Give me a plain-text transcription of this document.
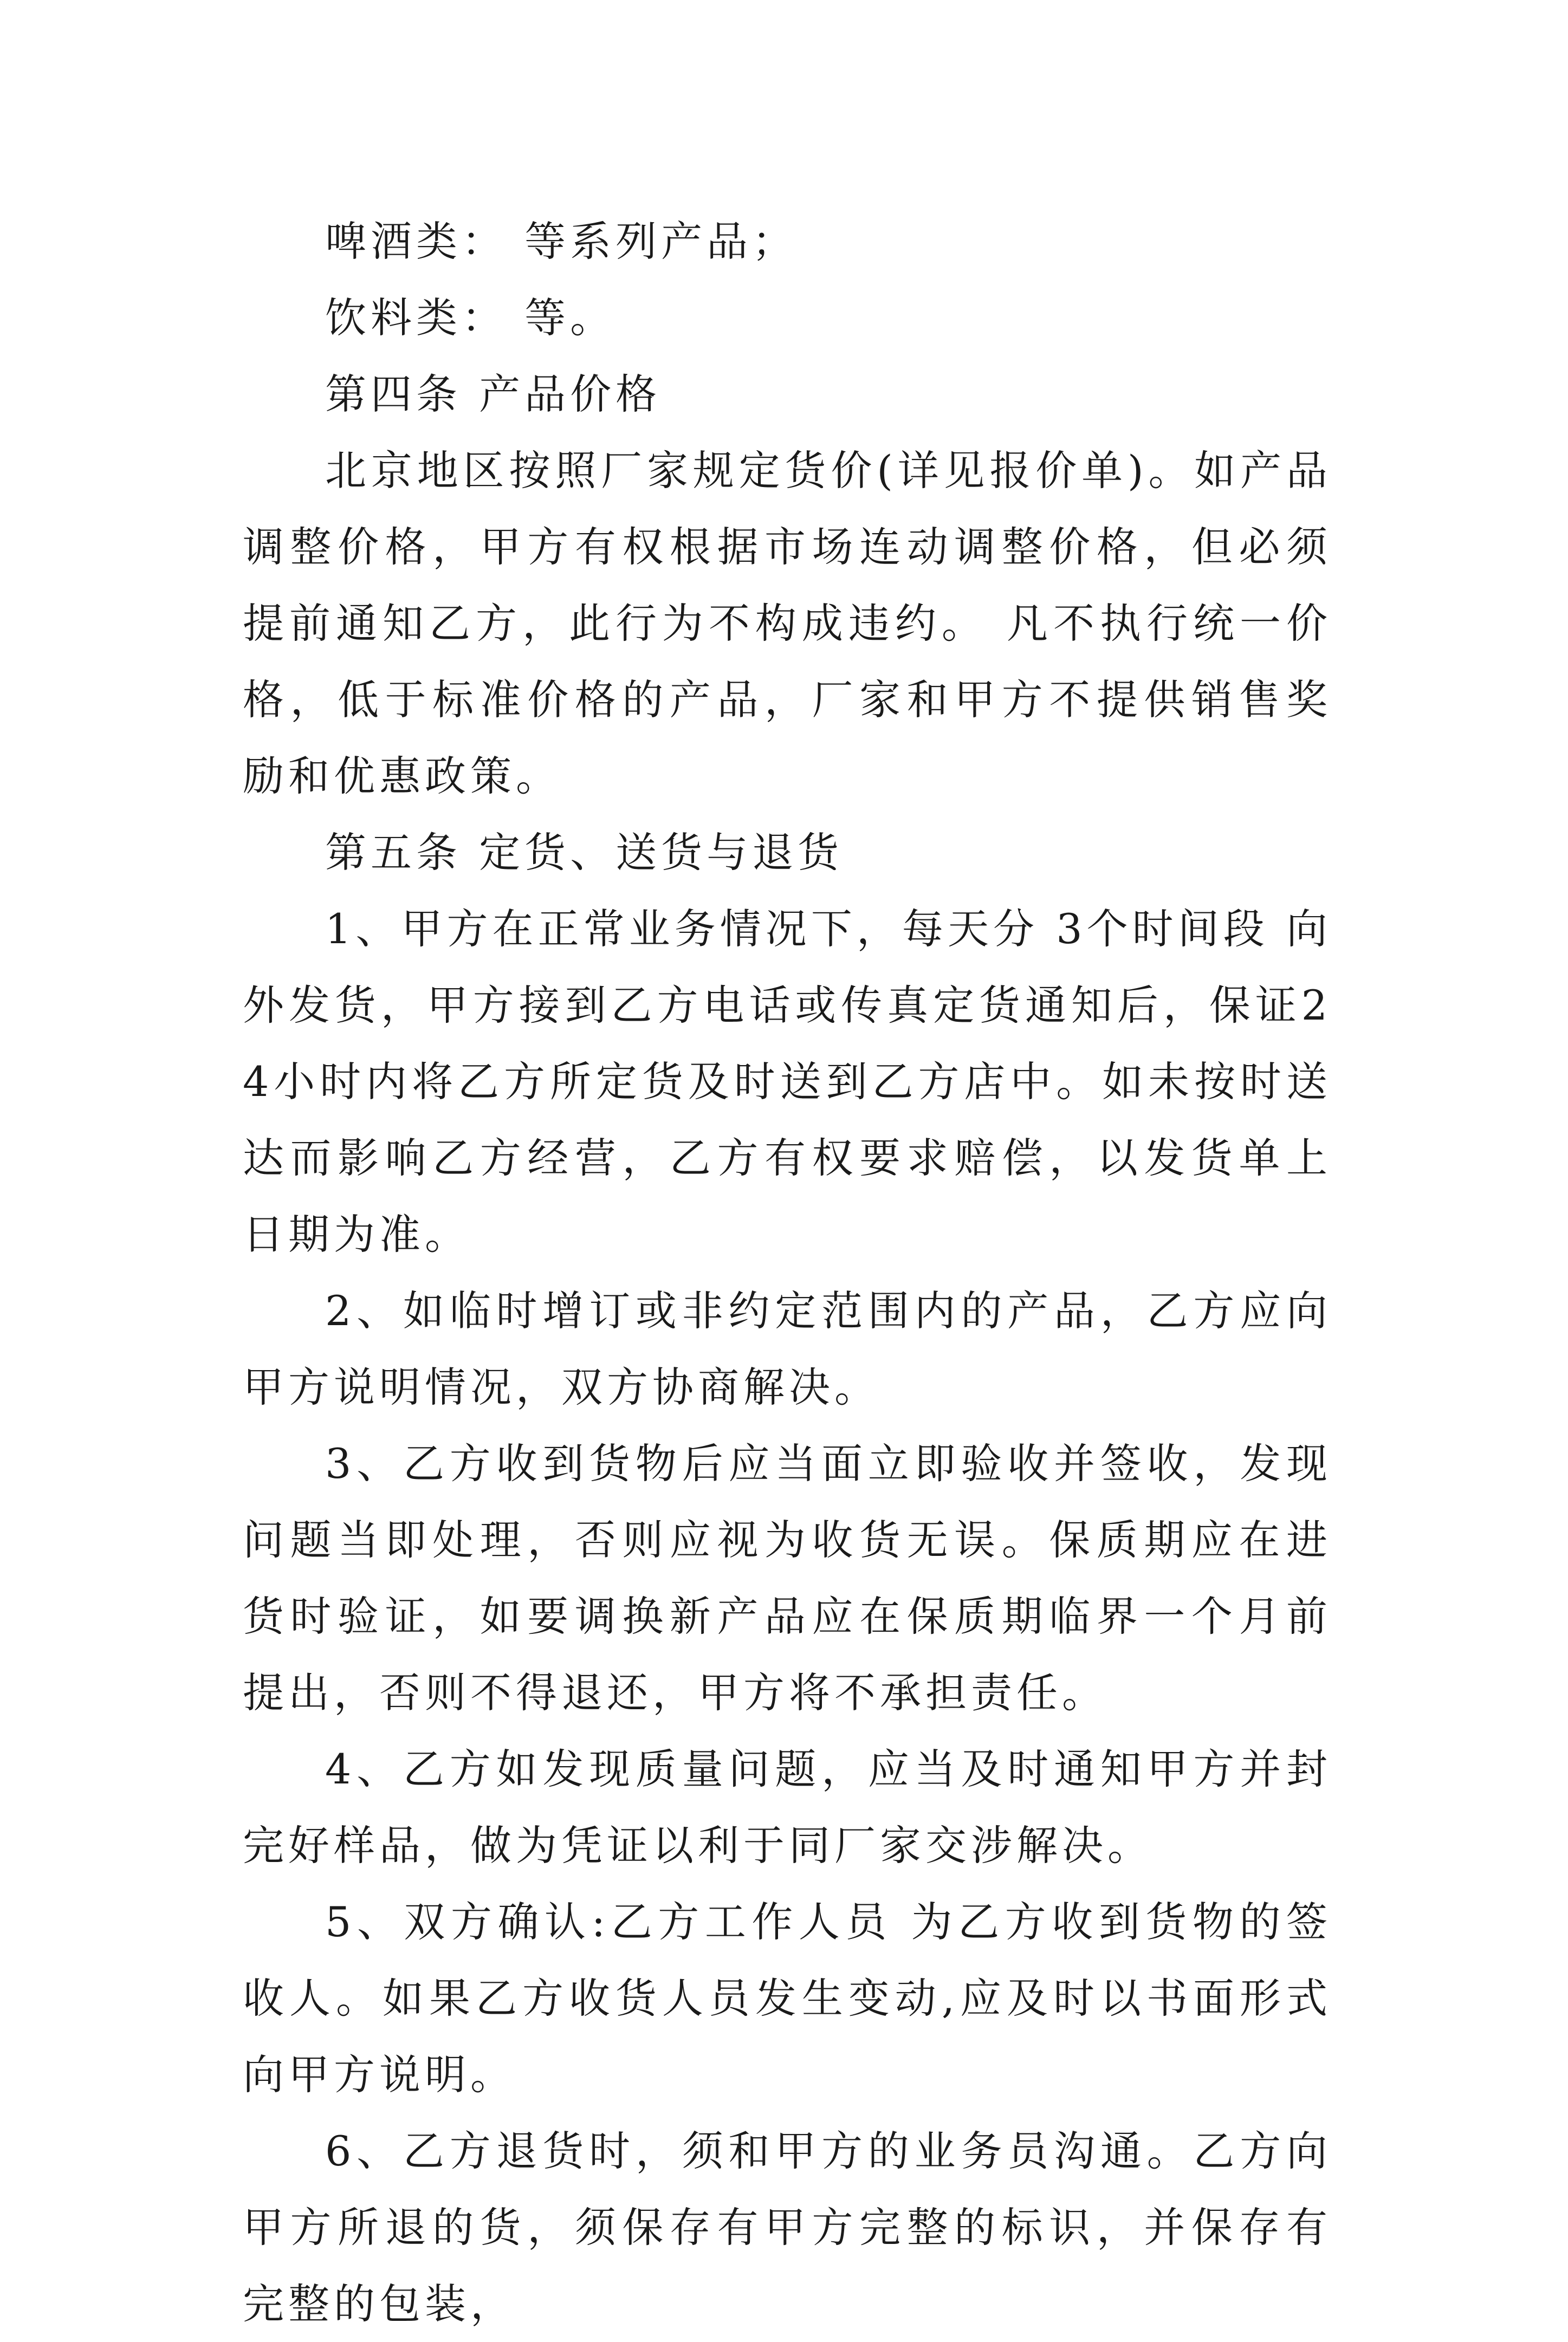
啤酒类： 等系列产品；

饮料类： 等。

第四条 产品价格

北京地区按照厂家规定货价(详见报价单)。如产品调整价格，甲方有权根据市场连动调整价格，但必须提前通知乙方，此行为不构成违约。 凡不执行统一价格，低于标准价格的产品，厂家和甲方不提供销售奖励和优惠政策。

第五条 定货、送货与退货

1、甲方在正常业务情况下，每天分 3个时间段 向外发货，甲方接到乙方电话或传真定货通知后，保证24小时内将乙方所定货及时送到乙方店中。如未按时送达而影响乙方经营，乙方有权要求赔偿，以发货单上日期为准。

2、如临时增订或非约定范围内的产品，乙方应向甲方说明情况，双方协商解决。

3、乙方收到货物后应当面立即验收并签收，发现问题当即处理，否则应视为收货无误。保质期应在进货时验证，如要调换新产品应在保质期临界一个月前提出，否则不得退还，甲方将不承担责任。

4、乙方如发现质量问题，应当及时通知甲方并封完好样品，做为凭证以利于同厂家交涉解决。

5、双方确认:乙方工作人员 为乙方收到货物的签收人。如果乙方收货人员发生变动,应及时以书面形式向甲方说明。

6、乙方退货时，须和甲方的业务员沟通。乙方向甲方所退的货，须保存有甲方完整的标识，并保存有完整的包装，
